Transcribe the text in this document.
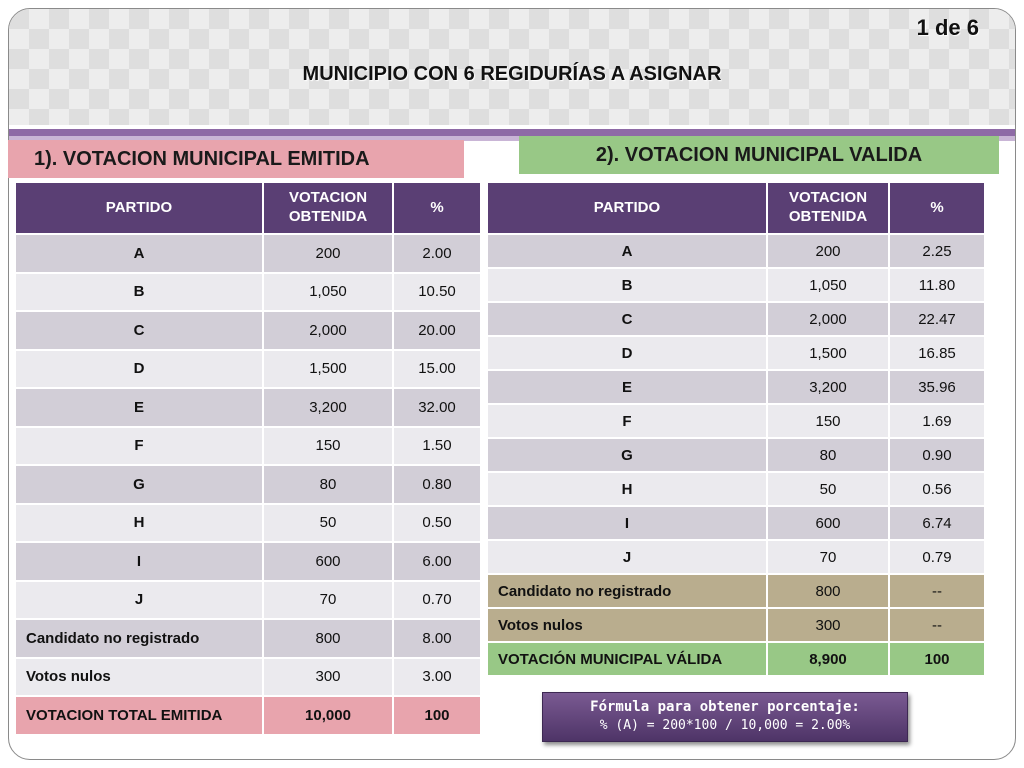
1 de 6
MUNICIPIO CON 6 REGIDURÍAS A ASIGNAR
1). VOTACION MUNICIPAL EMITIDA	2). VOTACION MUNICIPAL VALIDA
PARTIDO	VOTACION OBTENIDA	%
A	200	2.00
B	1,050	10.50
C	2,000	20.00
D	1,500	15.00
E	3,200	32.00
F	150	1.50
G	80	0.80
H	50	0.50
I	600	6.00
J	70	0.70
Candidato no registrado	800	8.00
Votos nulos	300	3.00
VOTACION TOTAL EMITIDA	10,000	100
PARTIDO	VOTACION OBTENIDA	%
A	200	2.25
B	1,050	11.80
C	2,000	22.47
D	1,500	16.85
E	3,200	35.96
F	150	1.69
G	80	0.90
H	50	0.56
I	600	6.74
J	70	0.79
Candidato no registrado	800	--
Votos nulos	300	--
VOTACIÓN MUNICIPAL VÁLIDA	8,900	100
Fórmula para obtener porcentaje:
% (A) = 200*100 / 10,000 = 2.00%
